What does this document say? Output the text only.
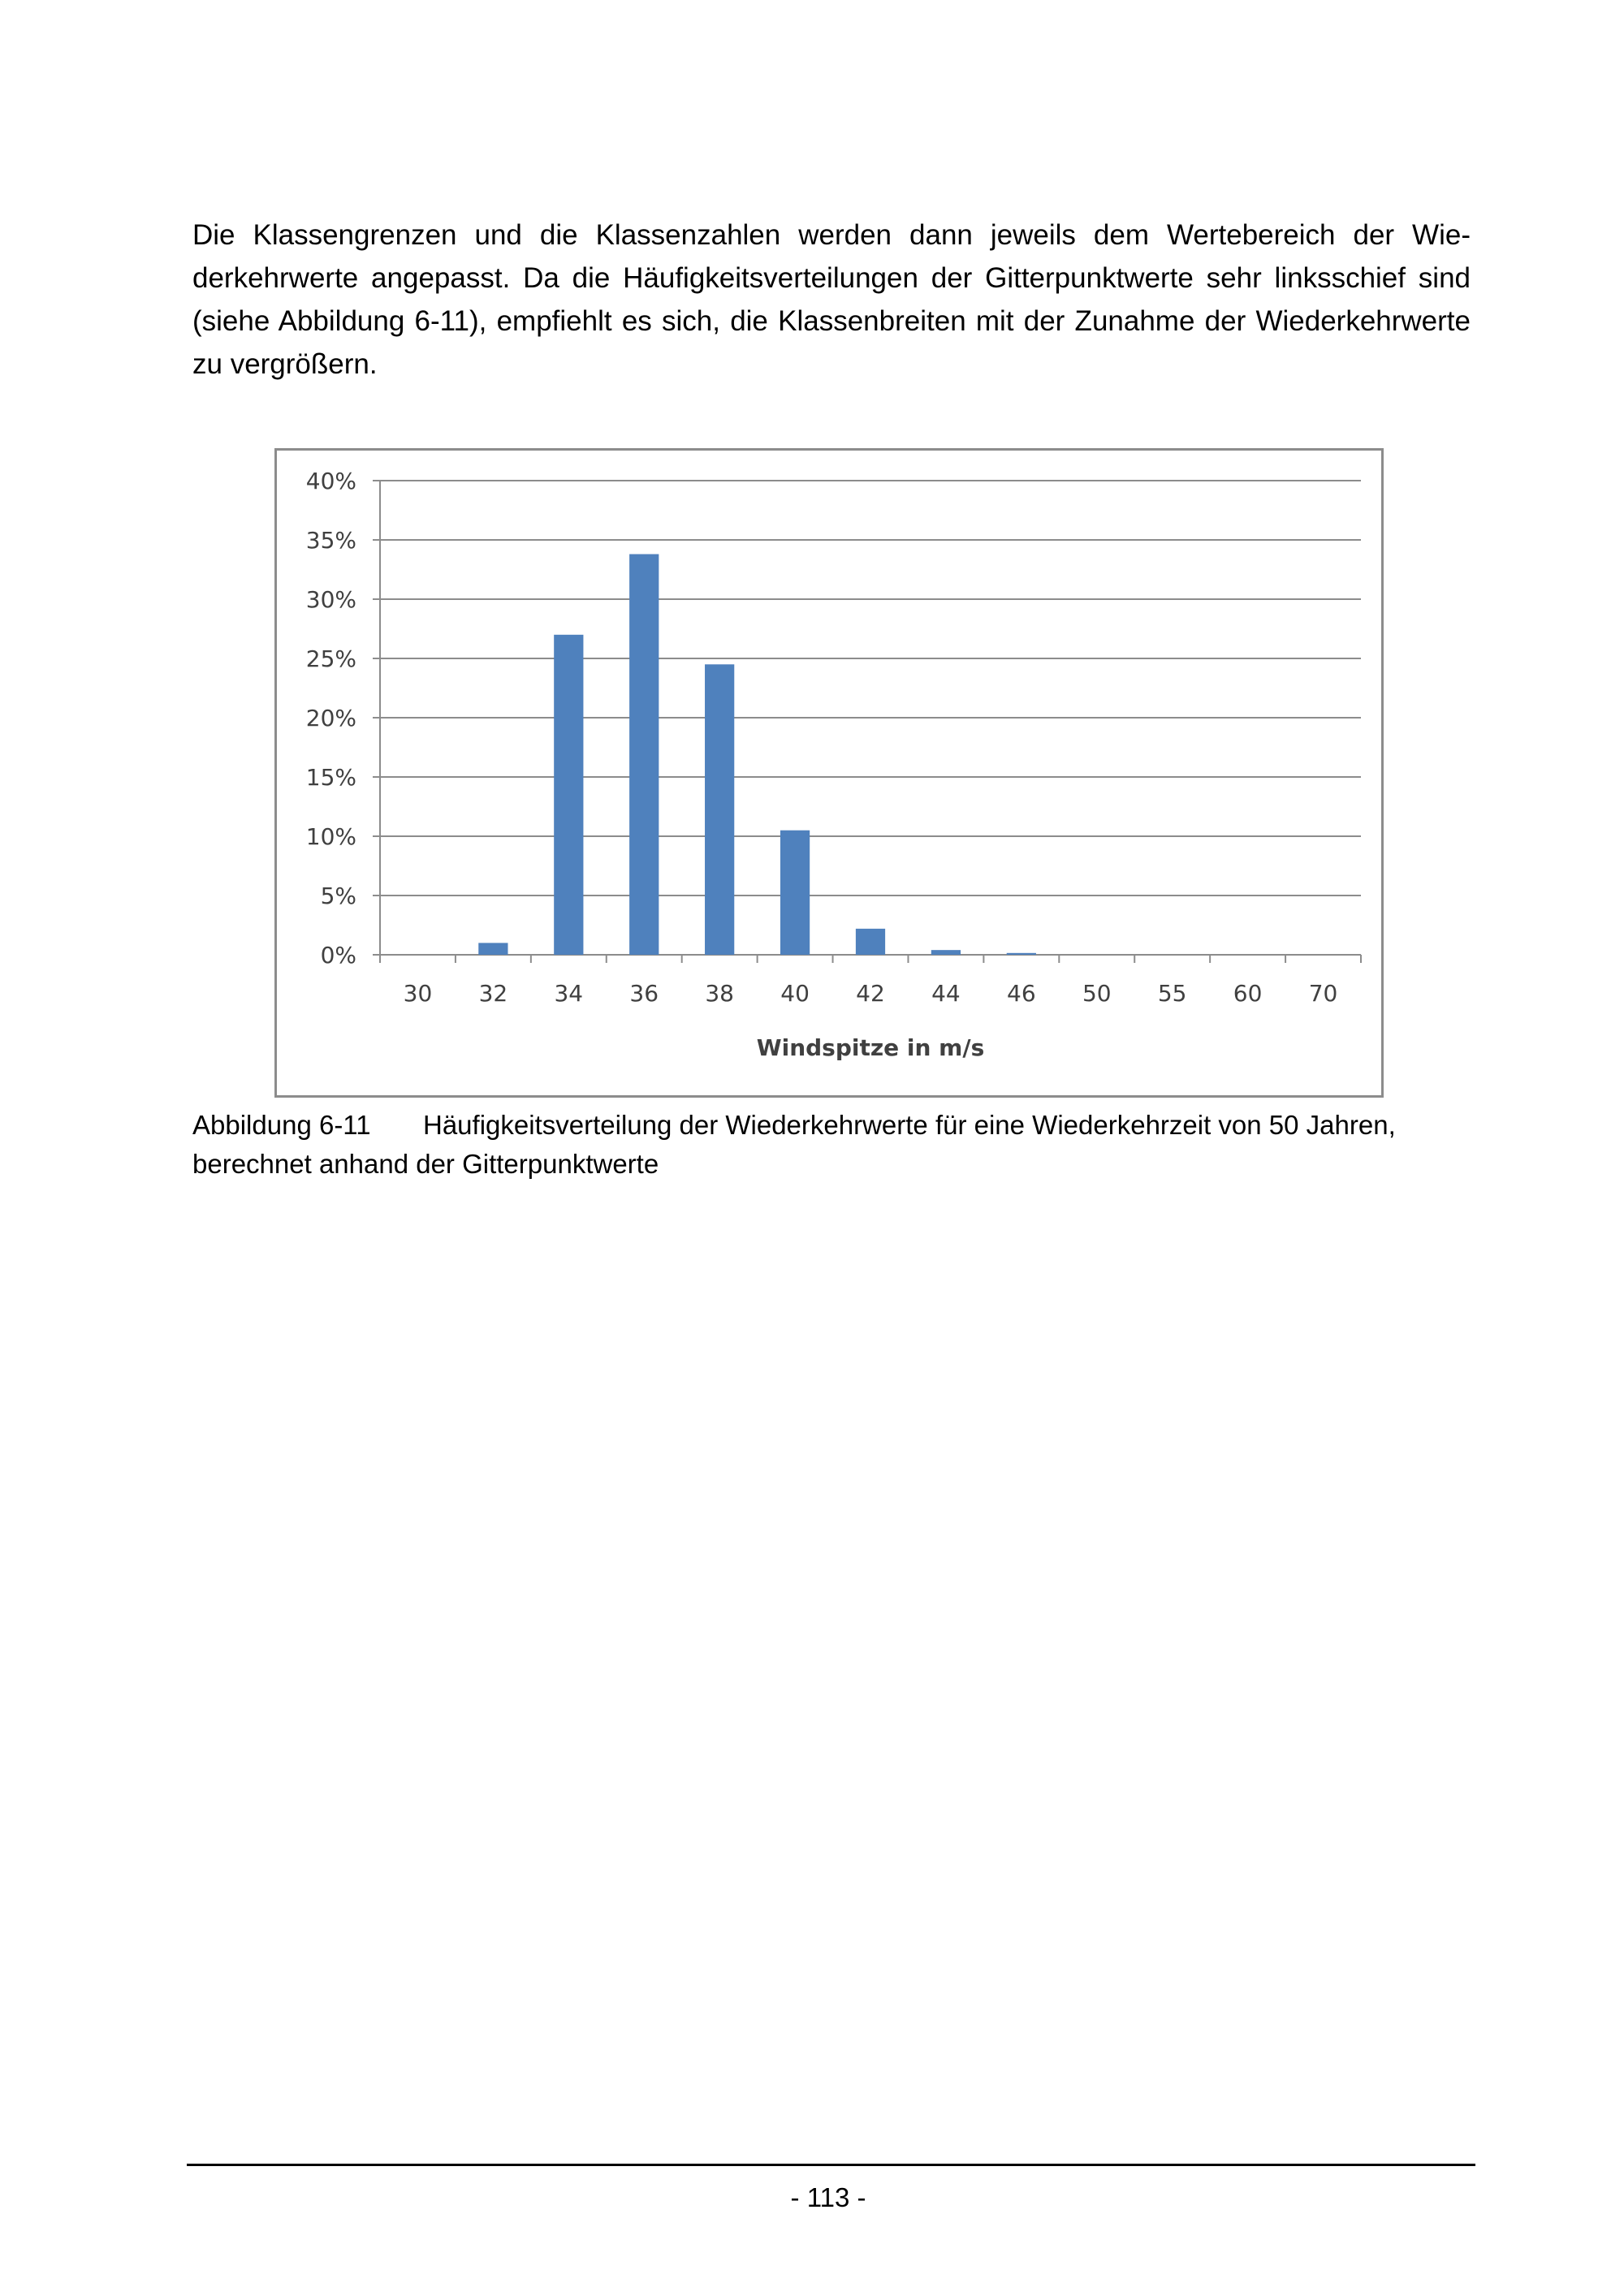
Die Klassengrenzen und die Klassenzahlen werden dann jeweils dem Wertebereich der Wiederkehrwerte angepasst. Da die Häufigkeitsverteilungen der Gitterpunktwerte sehr linksschief sind (siehe Abbildung 6-11), empfiehlt es sich, die Klassenbreiten mit der Zunahme der Wiederkehrwerte zu vergrößern.

0%
5%
10%
15%
20%
25%
30%
35%
40%
30 32 34 36 38 40 42 44 46 50 55 60 70
Windspitze in m/s

Abbildung 6-11 Häufigkeitsverteilung der Wiederkehrwerte für eine Wiederkehrzeit von 50 Jahren,
berechnet anhand der Gitterpunktwerte

- 113 -
